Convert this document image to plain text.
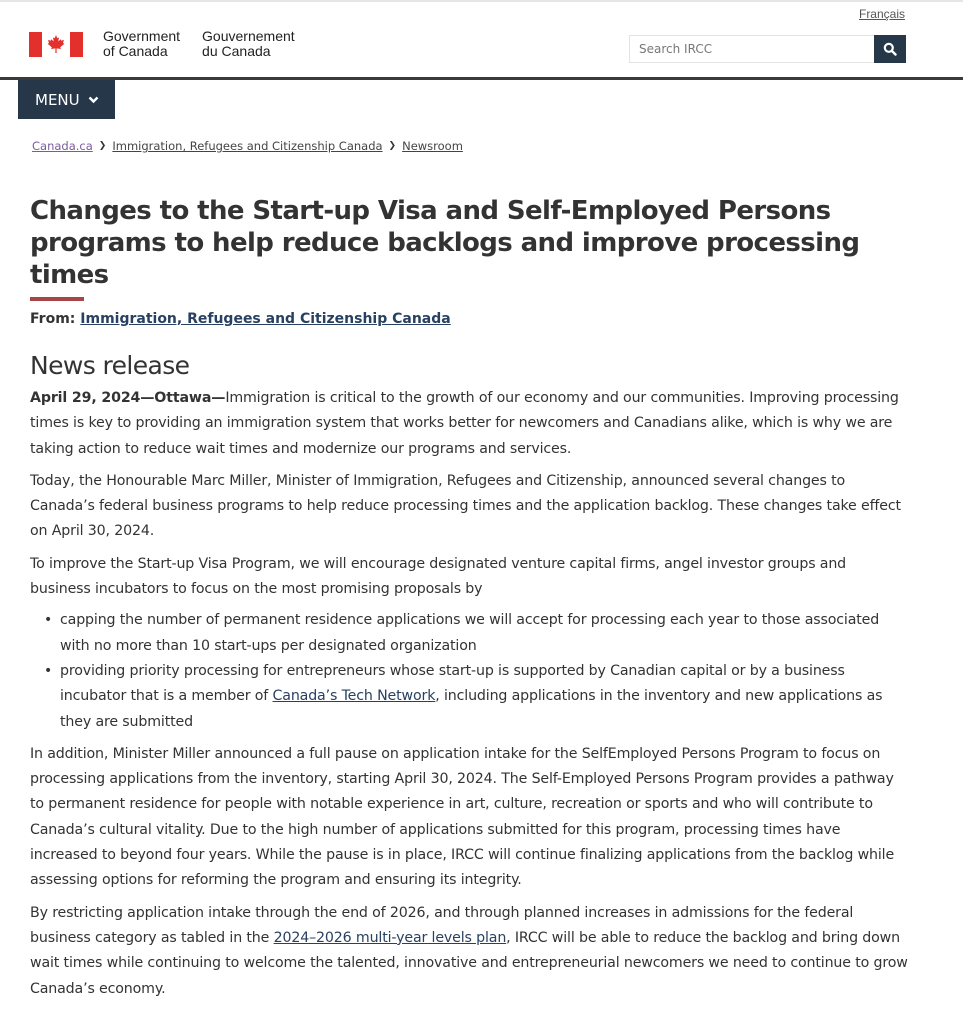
Français
Government
of Canada
Gouvernement
du Canada
Search IRCC
MENU
Canada.ca ❯ Immigration, Refugees and Citizenship Canada ❯ Newsroom
Changes to the Start-up Visa and Self-Employed Persons programs to help reduce backlogs and improve processing times
From: Immigration, Refugees and Citizenship Canada
News release

April 29, 2024—Ottawa—Immigration is critical to the growth of our economy and our communities. Improving processing times is key to providing an immigration system that works better for newcomers and Canadians alike, which is why we are taking action to reduce wait times and modernize our programs and services.

Today, the Honourable Marc Miller, Minister of Immigration, Refugees and Citizenship, announced several changes to Canada’s federal business programs to help reduce processing times and the application backlog. These changes take effect on April 30, 2024.

To improve the Start-up Visa Program, we will encourage designated venture capital firms, angel investor groups and business incubators to focus on the most promising proposals by

• capping the number of permanent residence applications we will accept for processing each year to those associated with no more than 10 start-ups per designated organization
• providing priority processing for entrepreneurs whose start-up is supported by Canadian capital or by a business incubator that is a member of Canada’s Tech Network, including applications in the inventory and new applications as they are submitted

In addition, Minister Miller announced a full pause on application intake for the SelfEmployed Persons Program to focus on processing applications from the inventory, starting April 30, 2024. The Self-Employed Persons Program provides a pathway to permanent residence for people with notable experience in art, culture, recreation or sports and who will contribute to Canada’s cultural vitality. Due to the high number of applications submitted for this program, processing times have increased to beyond four years. While the pause is in place, IRCC will continue finalizing applications from the backlog while assessing options for reforming the program and ensuring its integrity.

By restricting application intake through the end of 2026, and through planned increases in admissions for the federal business category as tabled in the 2024–2026 multi-year levels plan, IRCC will be able to reduce the backlog and bring down wait times while continuing to welcome the talented, innovative and entrepreneurial newcomers we need to continue to grow Canada’s economy.
